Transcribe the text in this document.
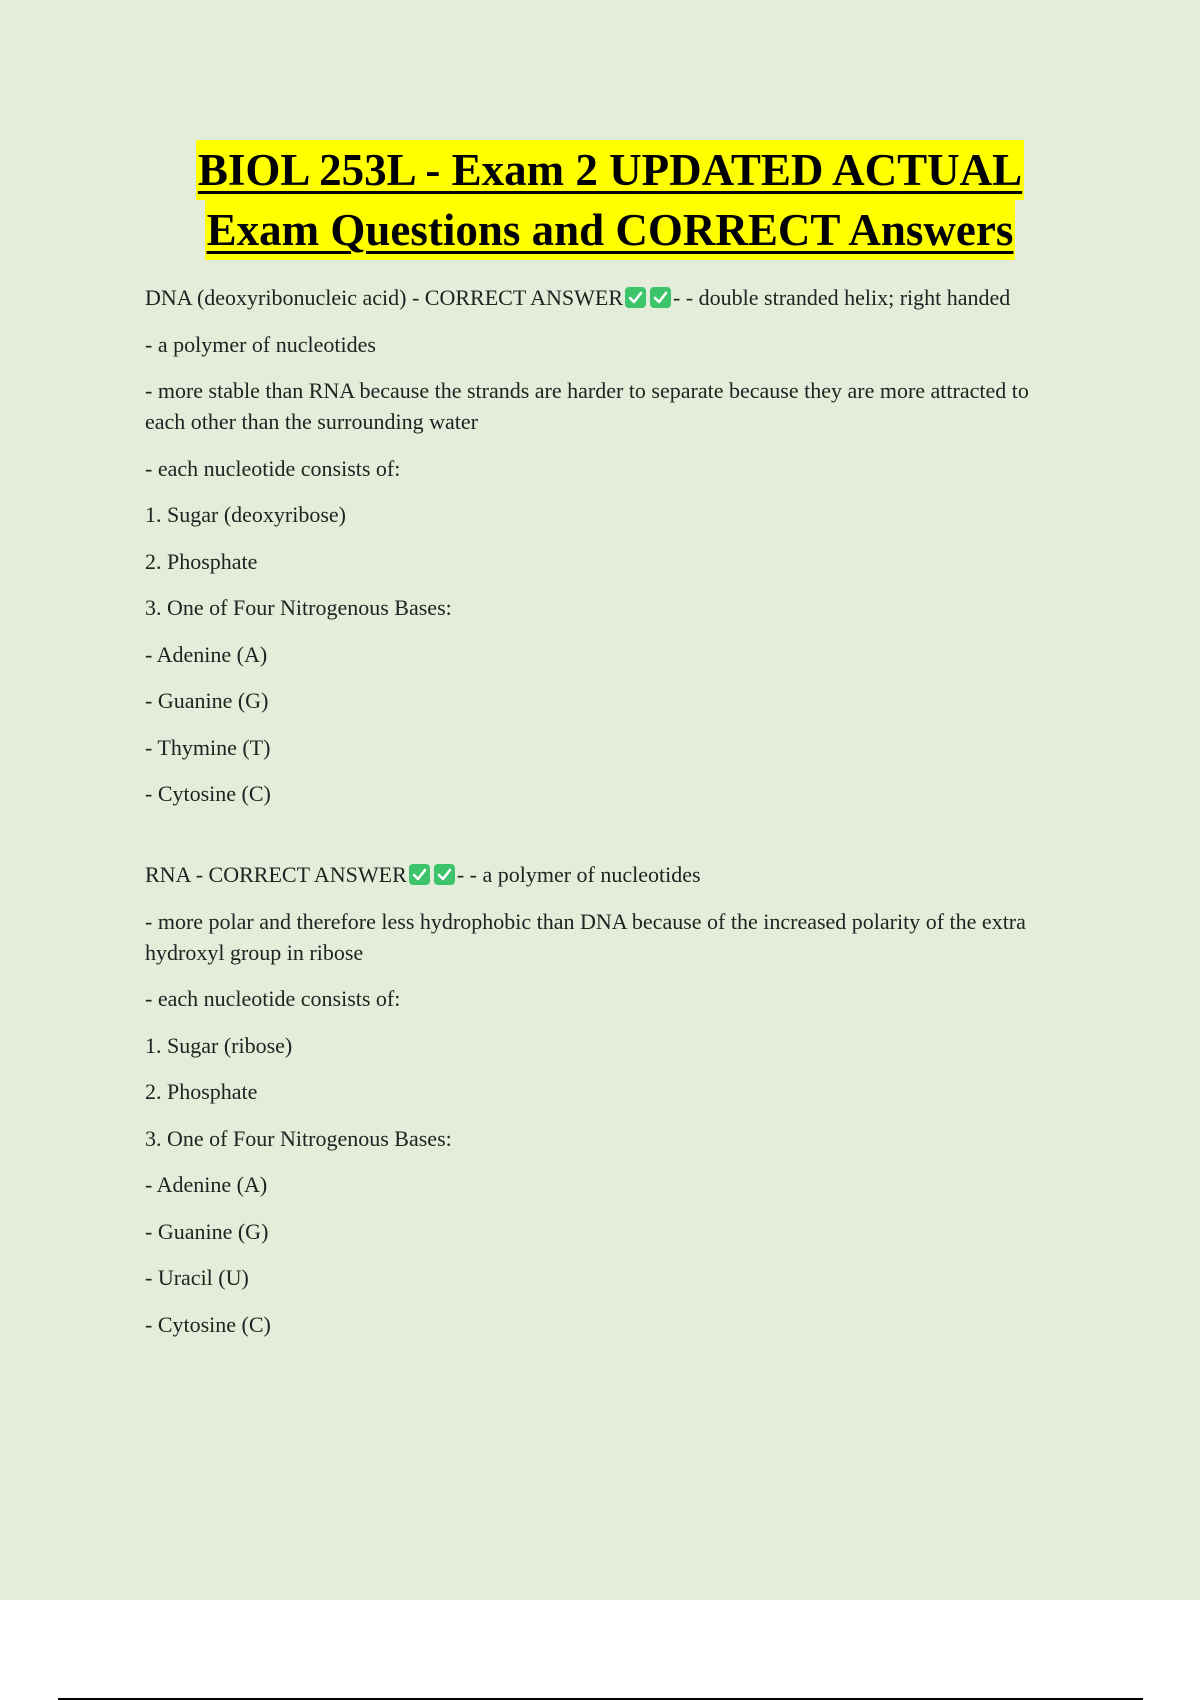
BIOL 253L - Exam 2 UPDATED ACTUAL
Exam Questions and CORRECT Answers

DNA (deoxyribonucleic acid) - CORRECT ANSWER - - double stranded helix; right handed

- a polymer of nucleotides

- more stable than RNA because the strands are harder to separate because they are more attracted to each other than the surrounding water

- each nucleotide consists of:

1. Sugar (deoxyribose)

2. Phosphate

3. One of Four Nitrogenous Bases:

- Adenine (A)

- Guanine (G)

- Thymine (T)

- Cytosine (C)

RNA - CORRECT ANSWER - - a polymer of nucleotides

- more polar and therefore less hydrophobic than DNA because of the increased polarity of the extra hydroxyl group in ribose

- each nucleotide consists of:

1. Sugar (ribose)

2. Phosphate

3. One of Four Nitrogenous Bases:

- Adenine (A)

- Guanine (G)

- Uracil (U)

- Cytosine (C)
